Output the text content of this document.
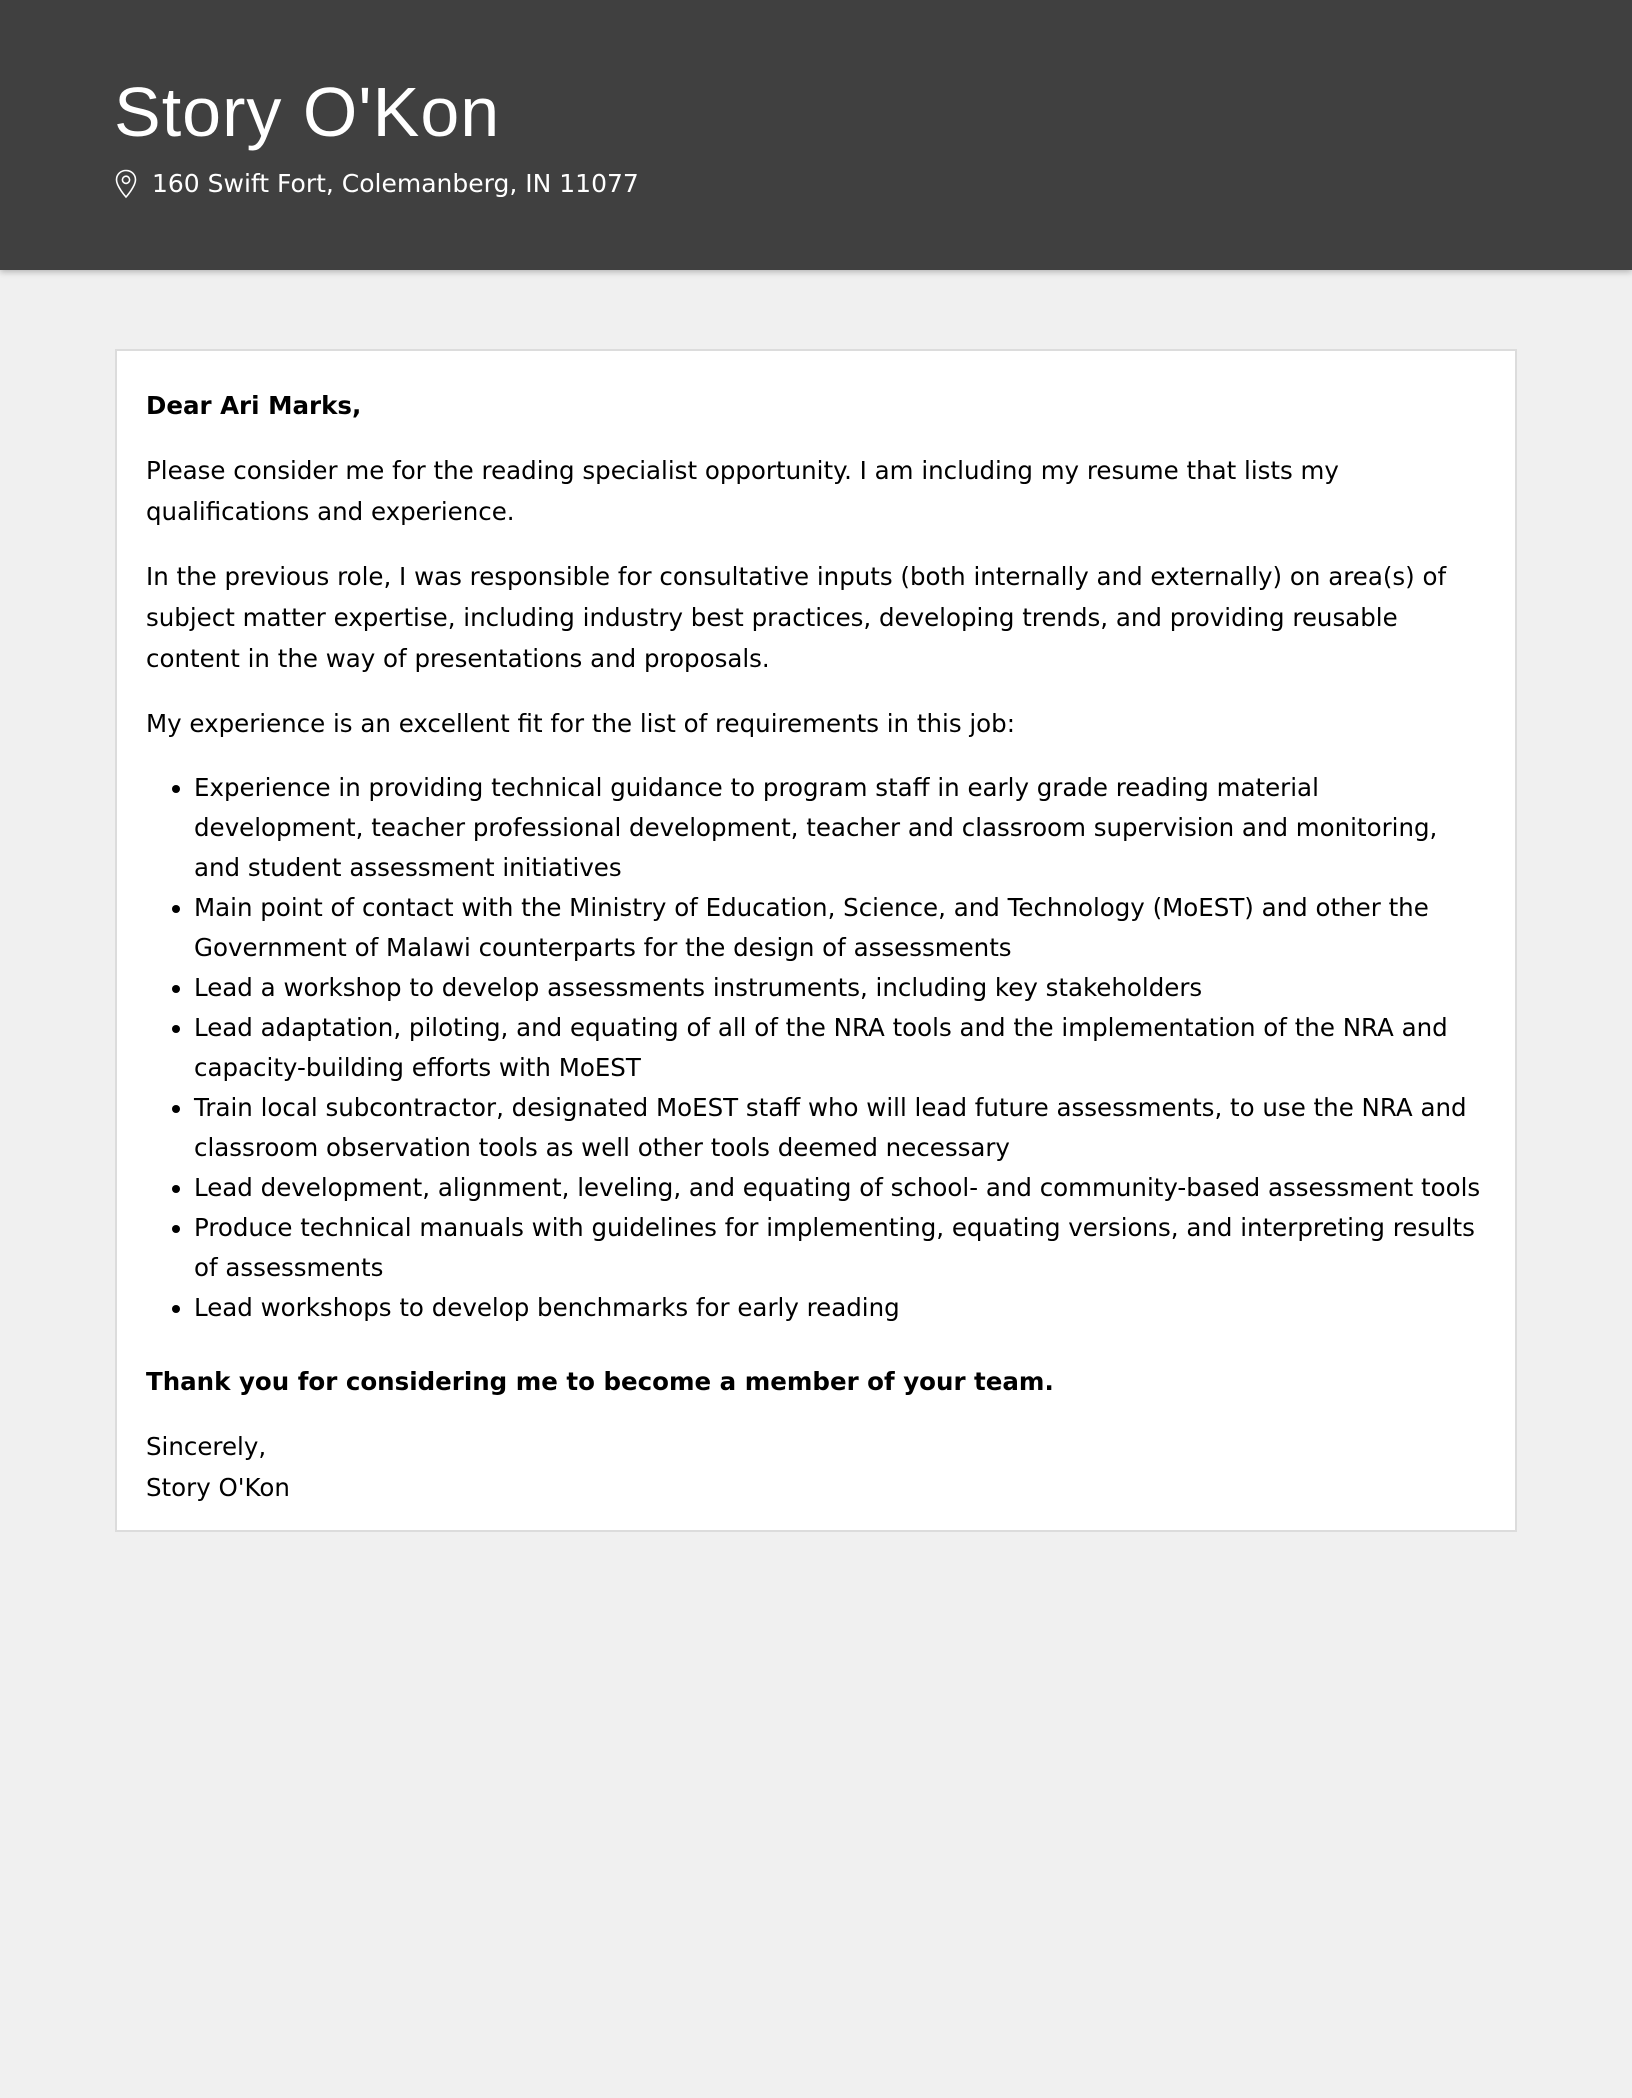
Story O'Kon
160 Swift Fort, Colemanberg, IN 11077

Dear Ari Marks,

Please consider me for the reading specialist opportunity. I am including my resume that lists my qualifications and experience.

In the previous role, I was responsible for consultative inputs (both internally and externally) on area(s) of subject matter expertise, including industry best practices, developing trends, and providing reusable content in the way of presentations and proposals.

My experience is an excellent fit for the list of requirements in this job:

• Experience in providing technical guidance to program staff in early grade reading material development, teacher professional development, teacher and classroom supervision and monitoring, and student assessment initiatives
• Main point of contact with the Ministry of Education, Science, and Technology (MoEST) and other the Government of Malawi counterparts for the design of assessments
• Lead a workshop to develop assessments instruments, including key stakeholders
• Lead adaptation, piloting, and equating of all of the NRA tools and the implementation of the NRA and capacity-building efforts with MoEST
• Train local subcontractor, designated MoEST staff who will lead future assessments, to use the NRA and classroom observation tools as well other tools deemed necessary
• Lead development, alignment, leveling, and equating of school- and community-based assessment tools
• Produce technical manuals with guidelines for implementing, equating versions, and interpreting results of assessments
• Lead workshops to develop benchmarks for early reading

Thank you for considering me to become a member of your team.

Sincerely,
Story O'Kon
